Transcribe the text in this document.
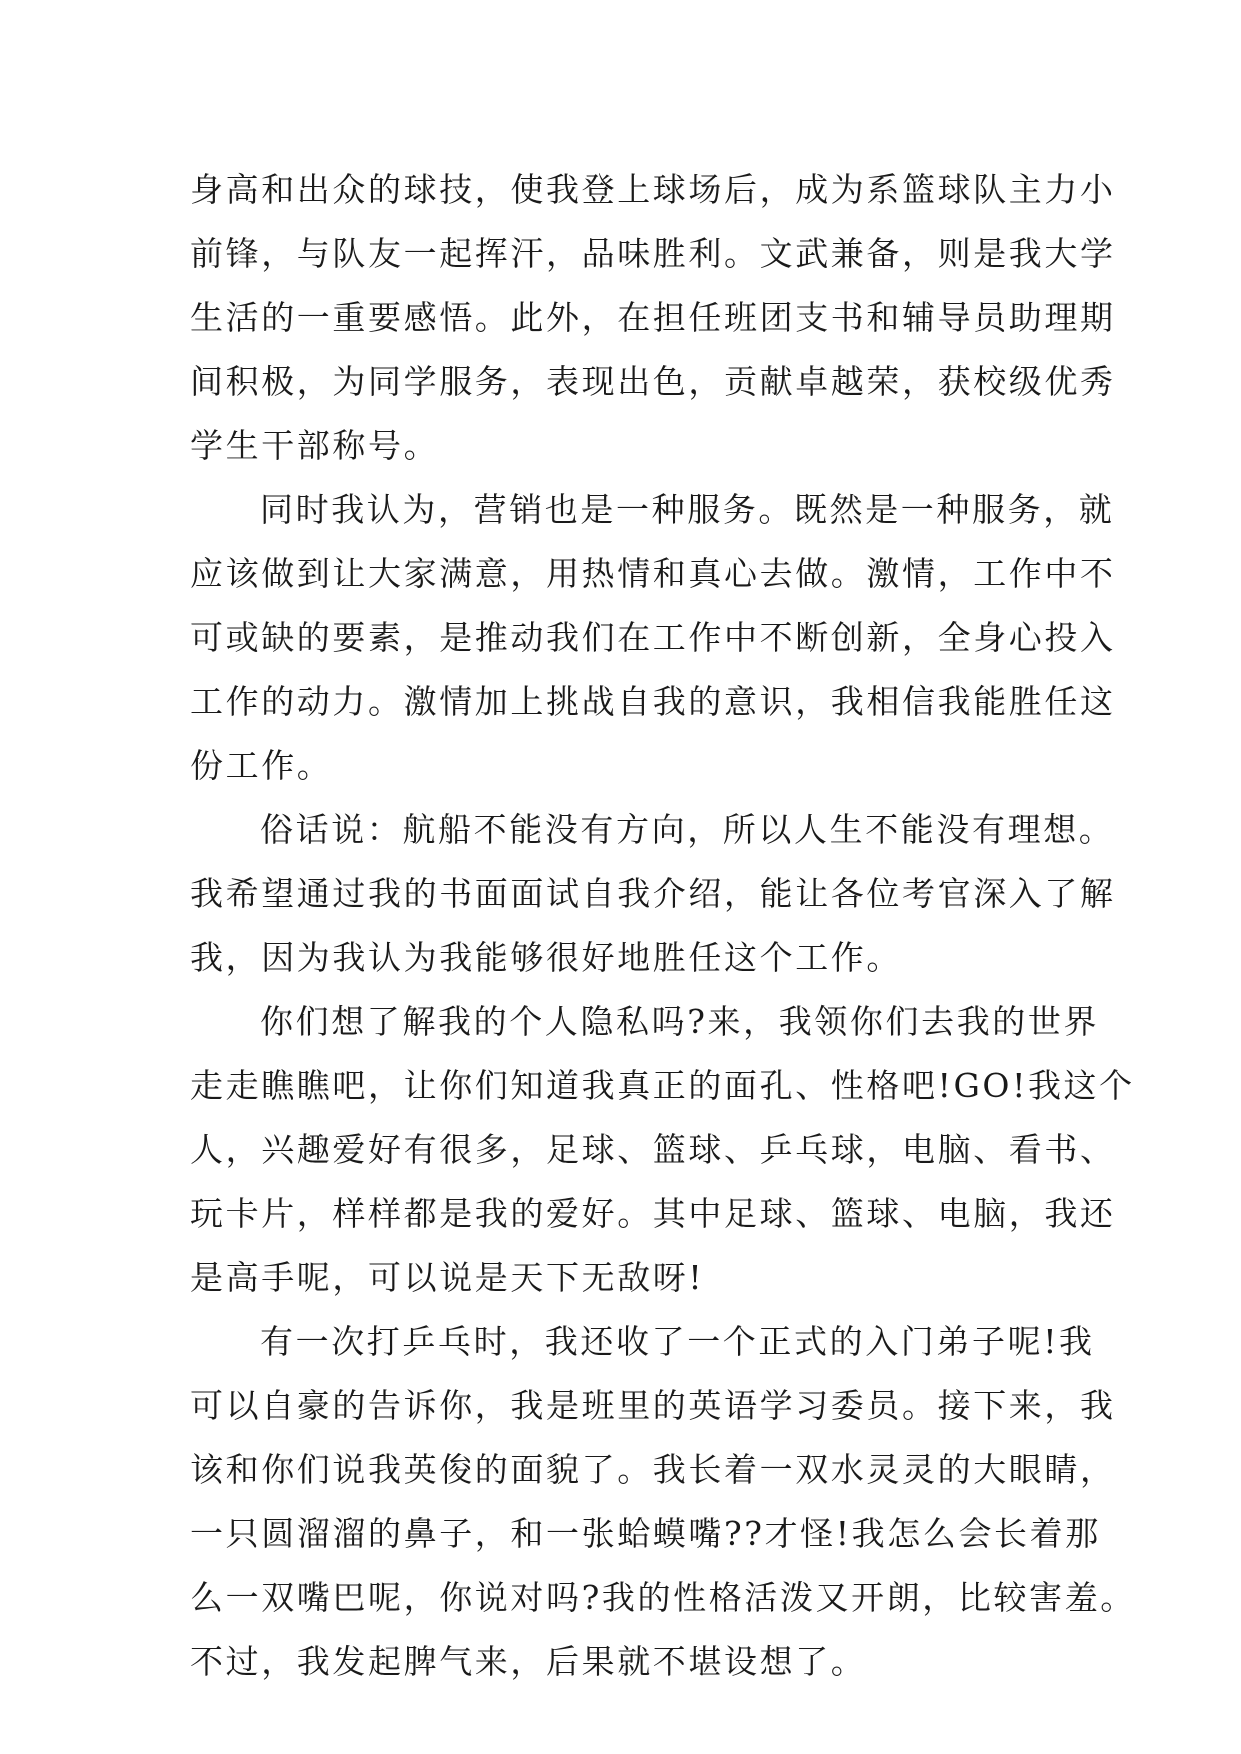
身高和出众的球技，使我登上球场后，成为系篮球队主力小
前锋，与队友一起挥汗，品味胜利。文武兼备，则是我大学
生活的一重要感悟。此外，在担任班团支书和辅导员助理期
间积极，为同学服务，表现出色，贡献卓越荣，获校级优秀
学生干部称号。
同时我认为，营销也是一种服务。既然是一种服务，就
应该做到让大家满意，用热情和真心去做。激情，工作中不
可或缺的要素，是推动我们在工作中不断创新，全身心投入
工作的动力。激情加上挑战自我的意识，我相信我能胜任这
份工作。
俗话说：航船不能没有方向，所以人生不能没有理想。
我希望通过我的书面面试自我介绍，能让各位考官深入了解
我，因为我认为我能够很好地胜任这个工作。
你们想了解我的个人隐私吗?来，我领你们去我的世界
走走瞧瞧吧，让你们知道我真正的面孔、性格吧!GO!我这个
人，兴趣爱好有很多，足球、篮球、乒乓球，电脑、看书、
玩卡片，样样都是我的爱好。其中足球、篮球、电脑，我还
是高手呢，可以说是天下无敌呀!
有一次打乒乓时，我还收了一个正式的入门弟子呢!我
可以自豪的告诉你，我是班里的英语学习委员。接下来，我
该和你们说我英俊的面貌了。我长着一双水灵灵的大眼睛，
一只圆溜溜的鼻子，和一张蛤蟆嘴??才怪!我怎么会长着那
么一双嘴巴呢，你说对吗?我的性格活泼又开朗，比较害羞。
不过，我发起脾气来，后果就不堪设想了。
